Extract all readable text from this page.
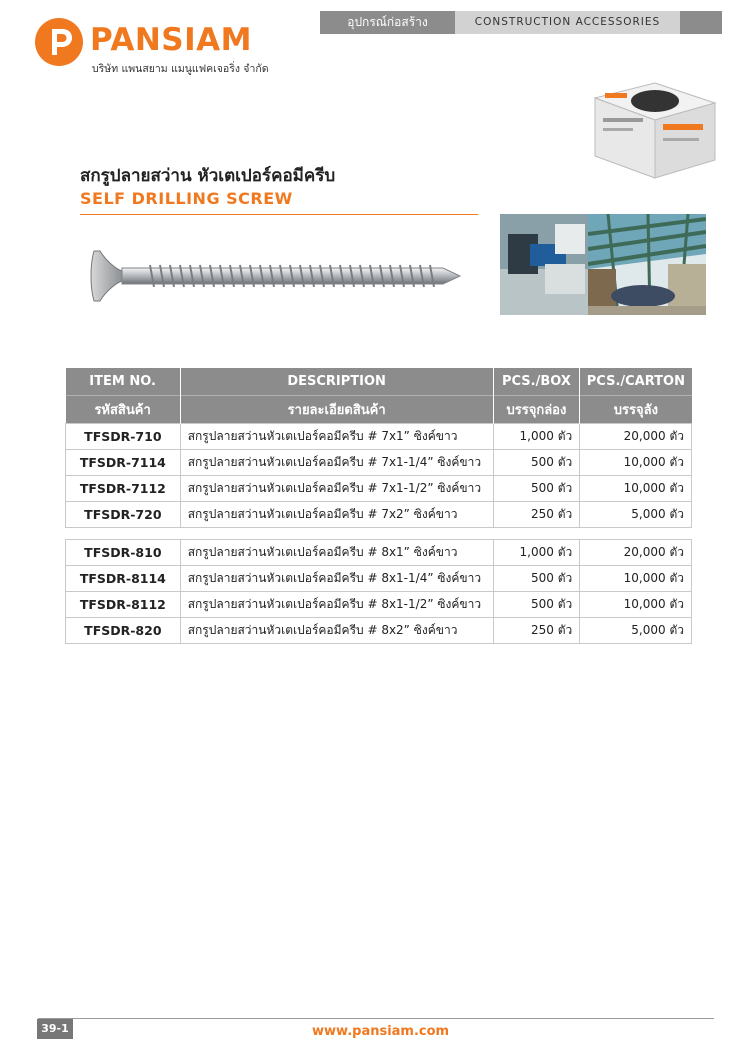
อุปกรณ์ก่อสร้าง	CONSTRUCTION ACCESSORIES
PANSIAM
บริษัท แพนสยาม แมนูแฟคเจอริ่ง จำกัด
สกรูปลายสว่าน หัวเตเปอร์คอมีครีบ
SELF DRILLING SCREW
ITEM NO.	DESCRIPTION	PCS./BOX	PCS./CARTON
รหัสสินค้า	รายละเอียดสินค้า	บรรจุกล่อง	บรรจุลัง
TFSDR-710	สกรูปลายสว่านหัวเตเปอร์คอมีครีบ # 7x1” ซิงค์ขาว	1,000 ตัว	20,000 ตัว
TFSDR-7114	สกรูปลายสว่านหัวเตเปอร์คอมีครีบ # 7x1-1/4” ซิงค์ขาว	500 ตัว	10,000 ตัว
TFSDR-7112	สกรูปลายสว่านหัวเตเปอร์คอมีครีบ # 7x1-1/2” ซิงค์ขาว	500 ตัว	10,000 ตัว
TFSDR-720	สกรูปลายสว่านหัวเตเปอร์คอมีครีบ # 7x2” ซิงค์ขาว	250 ตัว	5,000 ตัว

TFSDR-810	สกรูปลายสว่านหัวเตเปอร์คอมีครีบ # 8x1” ซิงค์ขาว	1,000 ตัว	20,000 ตัว
TFSDR-8114	สกรูปลายสว่านหัวเตเปอร์คอมีครีบ # 8x1-1/4” ซิงค์ขาว	500 ตัว	10,000 ตัว
TFSDR-8112	สกรูปลายสว่านหัวเตเปอร์คอมีครีบ # 8x1-1/2” ซิงค์ขาว	500 ตัว	10,000 ตัว
TFSDR-820	สกรูปลายสว่านหัวเตเปอร์คอมีครีบ # 8x2” ซิงค์ขาว	250 ตัว	5,000 ตัว
39-1	www.pansiam.com
